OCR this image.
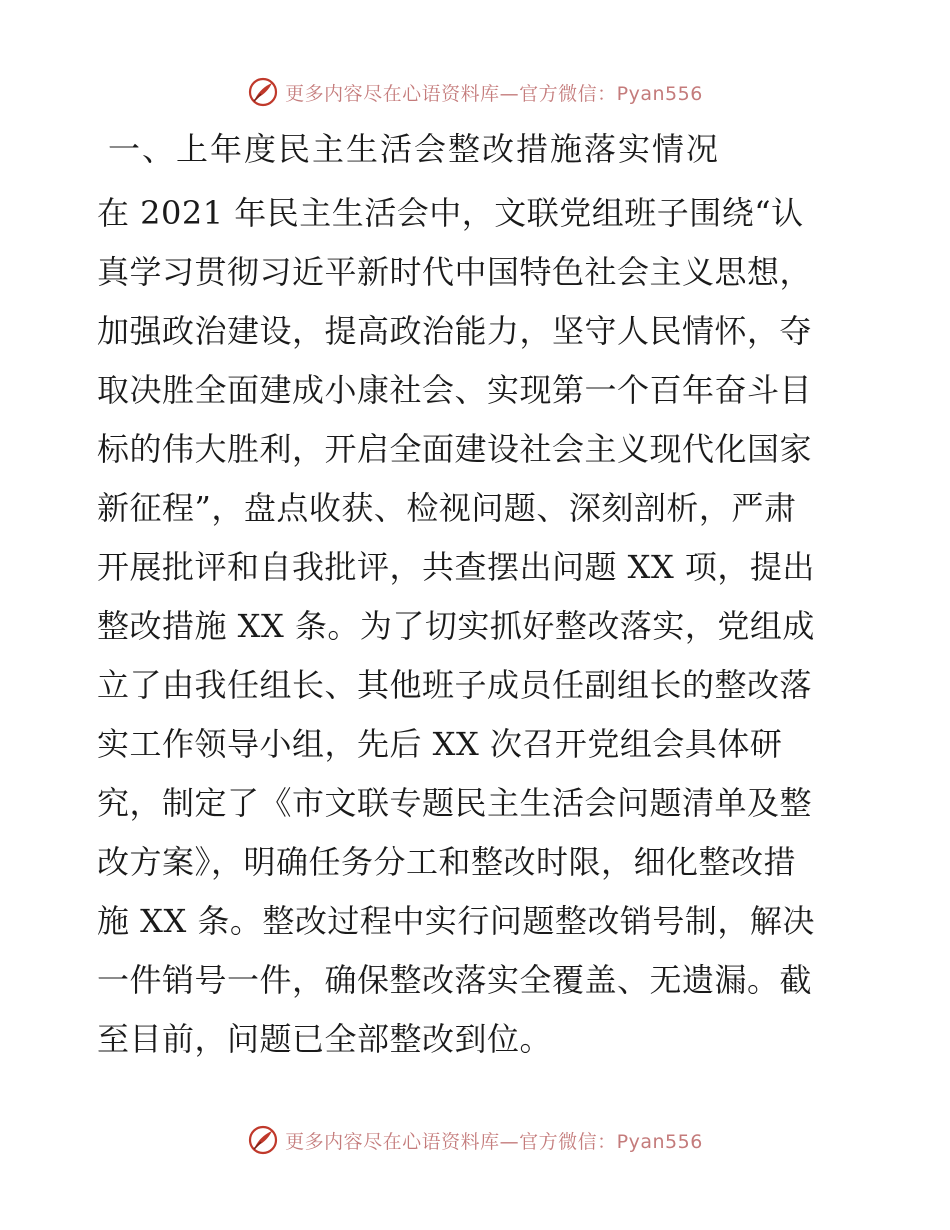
更多内容尽在心语资料库—官方微信：Pyan556
一、上年度民主生活会整改措施落实情况
在 2021 年民主生活会中，文联党组班子围绕“认
真学习贯彻习近平新时代中国特色社会主义思想，
加强政治建设，提高政治能力，坚守人民情怀，夺
取决胜全面建成小康社会、实现第一个百年奋斗目
标的伟大胜利，开启全面建设社会主义现代化国家
新征程”，盘点收获、检视问题、深刻剖析，严肃
开展批评和自我批评，共查摆出问题 XX 项，提出
整改措施 XX 条。为了切实抓好整改落实，党组成
立了由我任组长、其他班子成员任副组长的整改落
实工作领导小组，先后 XX 次召开党组会具体研
究，制定了《市文联专题民主生活会问题清单及整
改方案》，明确任务分工和整改时限，细化整改措
施 XX 条。整改过程中实行问题整改销号制，解决
一件销号一件，确保整改落实全覆盖、无遗漏。截
至目前，问题已全部整改到位。
更多内容尽在心语资料库—官方微信：Pyan556
